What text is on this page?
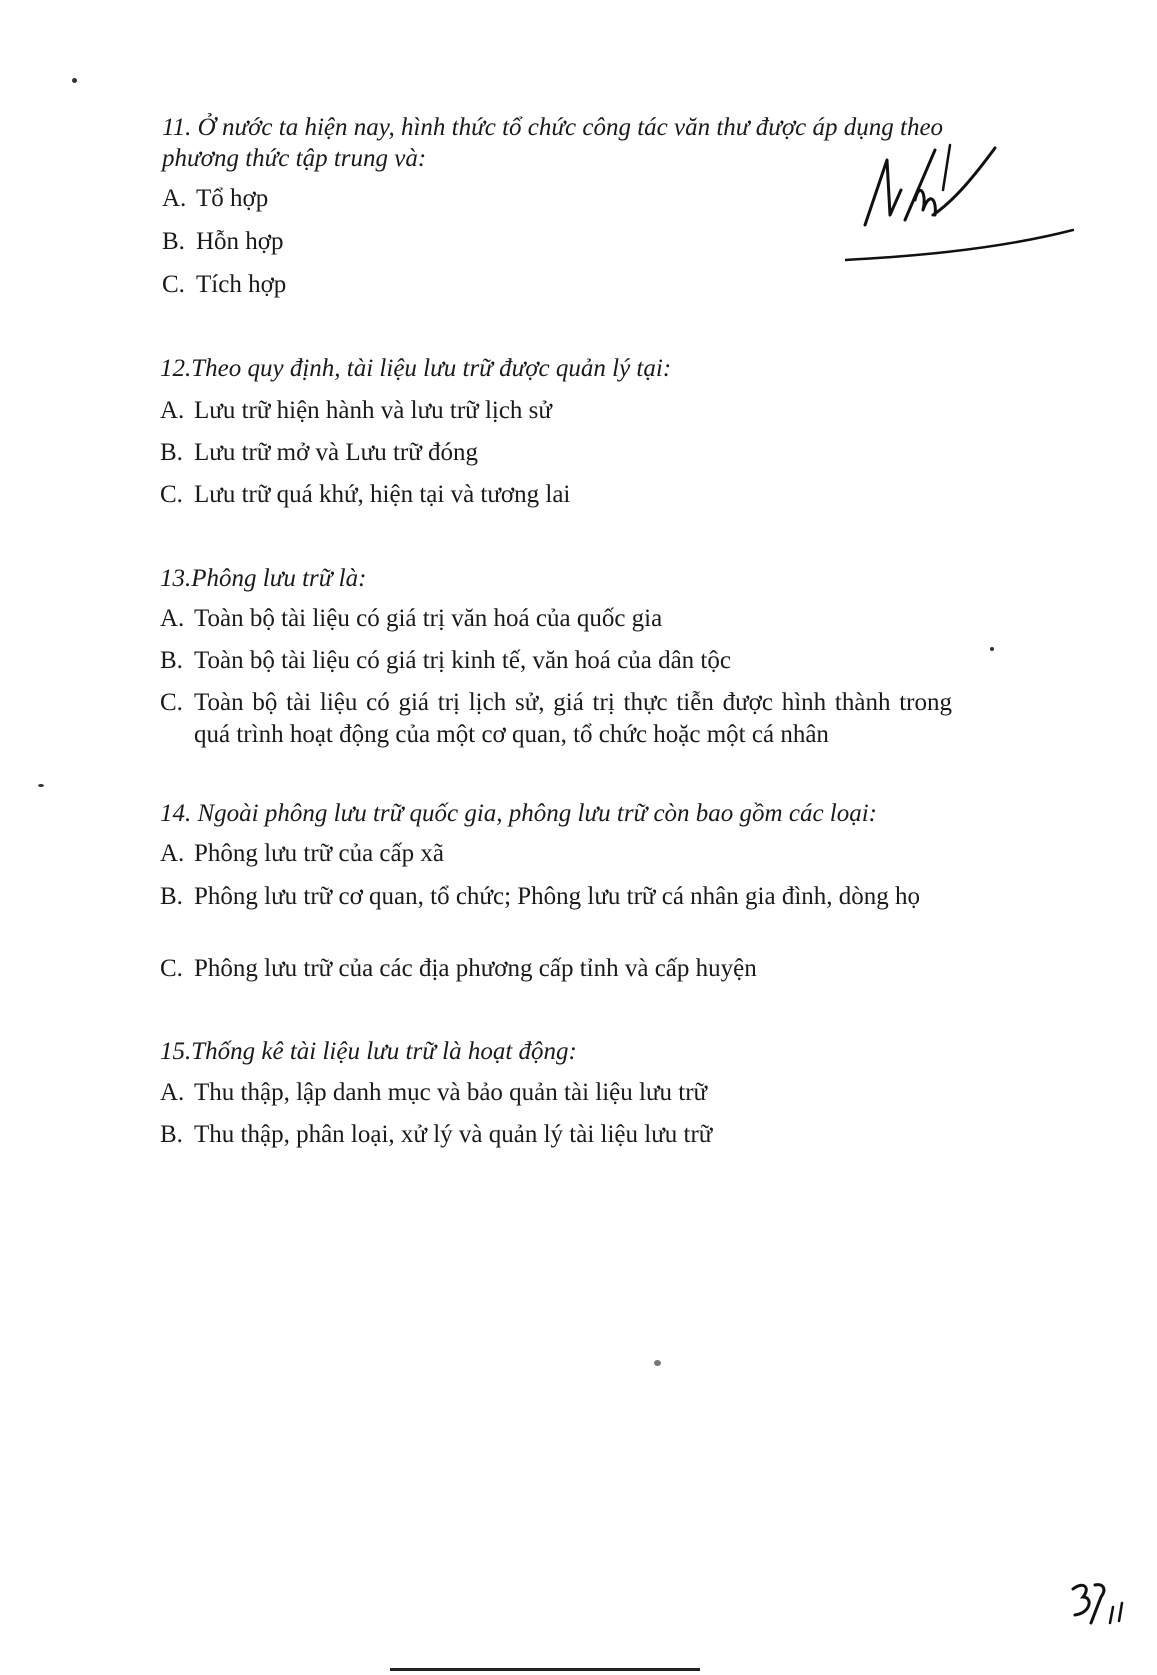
11. Ở nước ta hiện nay, hình thức tổ chức công tác văn thư được áp dụng theo phương thức tập trung và:

A. Tổ hợp
B. Hỗn hợp
C. Tích hợp

12.Theo quy định, tài liệu lưu trữ được quản lý tại:

A. Lưu trữ hiện hành và lưu trữ lịch sử
B. Lưu trữ mở và Lưu trữ đóng
C. Lưu trữ quá khứ, hiện tại và tương lai

13.Phông lưu trữ là:

A. Toàn bộ tài liệu có giá trị văn hoá của quốc gia
B. Toàn bộ tài liệu có giá trị kinh tế, văn hoá của dân tộc
C. Toàn bộ tài liệu có giá trị lịch sử, giá trị thực tiễn được hình thành trong quá trình hoạt động của một cơ quan, tổ chức hoặc một cá nhân

14. Ngoài phông lưu trữ quốc gia, phông lưu trữ còn bao gồm các loại:

A. Phông lưu trữ của cấp xã
B. Phông lưu trữ cơ quan, tổ chức; Phông lưu trữ cá nhân gia đình, dòng họ
C. Phông lưu trữ của các địa phương cấp tỉnh và cấp huyện

15.Thống kê tài liệu lưu trữ là hoạt động:

A. Thu thập, lập danh mục và bảo quản tài liệu lưu trữ
B. Thu thập, phân loại, xử lý và quản lý tài liệu lưu trữ
